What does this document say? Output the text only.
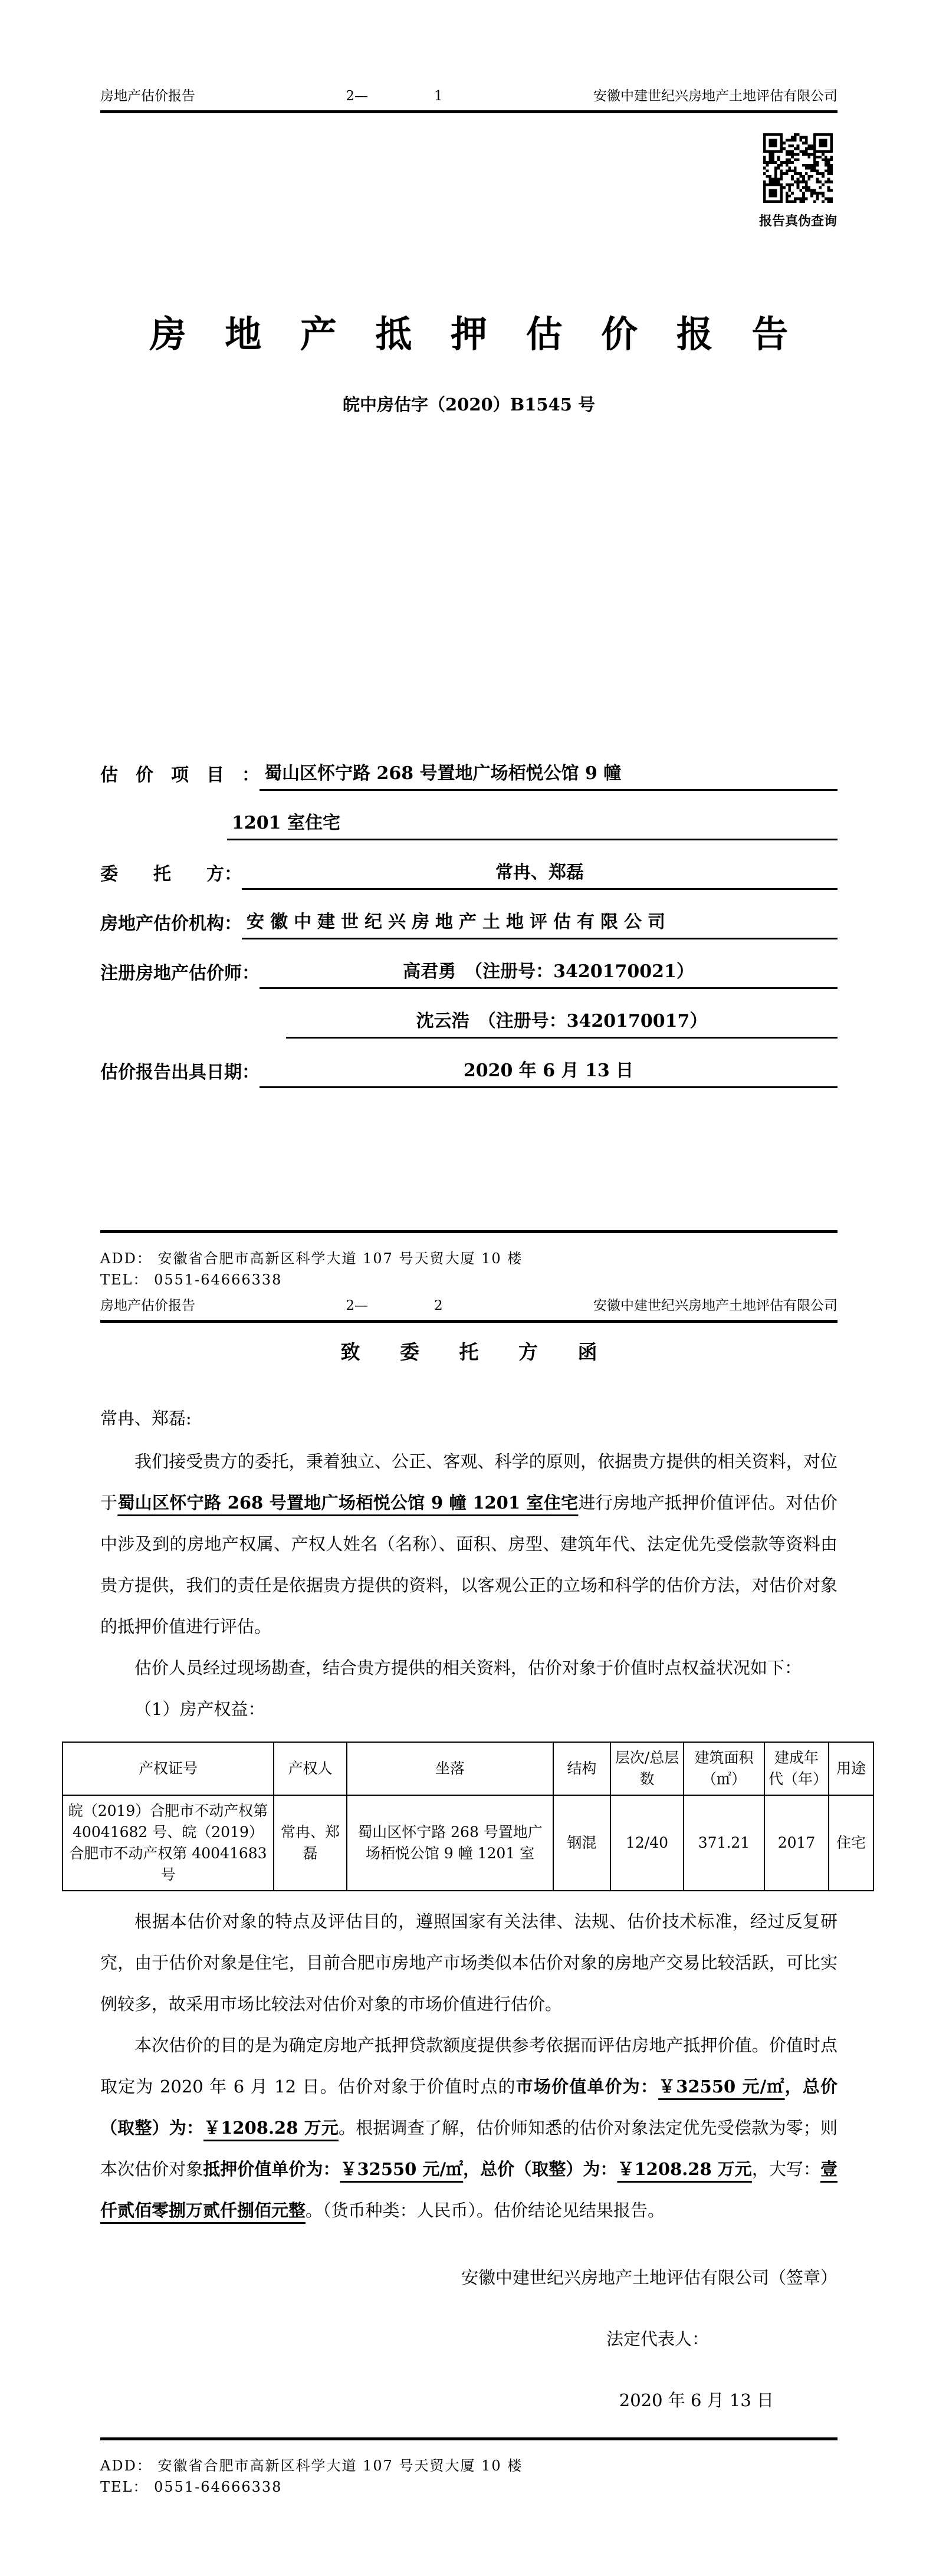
房地产估价报告	2—	1	安徽中建世纪兴房地产土地评估有限公司
报告真伪查询
房 地 产 抵 押 估 价 报 告
皖中房估字（2020）B1545 号
估　价　项　目　： 蜀山区怀宁路 268 号置地广场栢悦公馆 9 幢
1201 室住宅
委　　托　　方：	常冉、郑磊
房地产估价机构： 安徽中建世纪兴房地产土地评估有限公司
注册房地产估价师：	高君勇　（注册号：3420170021）
沈云浩　（注册号：3420170017）
估价报告出具日期：	2020 年 6 月 13 日
ADD： 安徽省合肥市高新区科学大道 107 号天贸大厦 10 楼
TEL： 0551-64666338
房地产估价报告	2—	2	安徽中建世纪兴房地产土地评估有限公司
致 委 托 方 函

常冉、郑磊:

我们接受贵方的委托，秉着独立、公正、客观、科学的原则，依据贵方提供的相关资料，对位于蜀山区怀宁路 268 号置地广场栢悦公馆 9 幢 1201 室住宅进行房地产抵押价值评估。对估价中涉及到的房地产权属、产权人姓名（名称）、面积、房型、建筑年代、法定优先受偿款等资料由贵方提供，我们的责任是依据贵方提供的资料，以客观公正的立场和科学的估价方法，对估价对象的抵押价值进行评估。

估价人员经过现场勘查，结合贵方提供的相关资料，估价对象于价值时点权益状况如下：

（1）房产权益：

产权证号	产权人	坐落	结构	层次/总层数	建筑面积（㎡）	建成年代（年）	用途
皖（2019）合肥市不动产权第 40041682 号、皖（2019）合肥市不动产权第 40041683 号	常冉、郑磊	蜀山区怀宁路 268 号置地广场栢悦公馆 9 幢 1201 室	钢混	12/40	371.21	2017	住宅

根据本估价对象的特点及评估目的，遵照国家有关法律、法规、估价技术标准，经过反复研究，由于估价对象是住宅，目前合肥市房地产市场类似本估价对象的房地产交易比较活跃，可比实例较多，故采用市场比较法对估价对象的市场价值进行估价。

本次估价的目的是为确定房地产抵押贷款额度提供参考依据而评估房地产抵押价值。价值时点取定为 2020 年 6 月 12 日。估价对象于价值时点的市场价值单价为：￥32550 元/㎡，总价（取整）为：￥1208.28 万元。根据调查了解，估价师知悉的估价对象法定优先受偿款为零；则本次估价对象抵押价值单价为：￥32550 元/㎡，总价（取整）为：￥1208.28 万元，大写：壹仟贰佰零捌万贰仟捌佰元整。（货币种类：人民币）。估价结论见结果报告。

安徽中建世纪兴房地产土地评估有限公司（签章）
法定代表人：
2020 年 6 月 13 日
ADD： 安徽省合肥市高新区科学大道 107 号天贸大厦 10 楼
TEL： 0551-64666338
